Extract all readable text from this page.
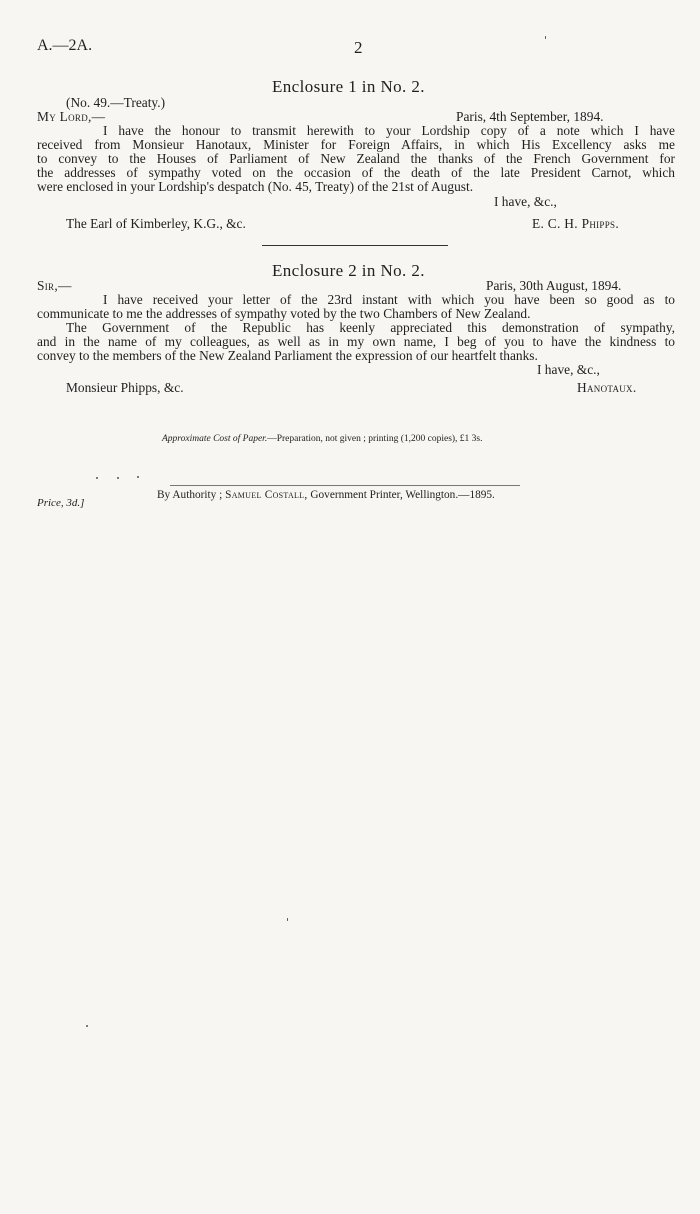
A.—2A.	2
Enclosure 1 in No. 2.
(No. 49.—Treaty.)
My Lord,—	Paris, 4th September, 1894.
I have the honour to transmit herewith to your Lordship copy of a note which I have
received from Monsieur Hanotaux, Minister for Foreign Affairs, in which His Excellency asks me
to convey to the Houses of Parliament of New Zealand the thanks of the French Government for
the addresses of sympathy voted on the occasion of the death of the late President Carnot, which
were enclosed in your Lordship's despatch (No. 45, Treaty) of the 21st of August.
I have, &c.,
The Earl of Kimberley, K.G., &c.	E. C. H. Phipps.
Enclosure 2 in No. 2.
Sir,—	Paris, 30th August, 1894.
I have received your letter of the 23rd instant with which you have been so good as to
communicate to me the addresses of sympathy voted by the two Chambers of New Zealand.
The Government of the Republic has keenly appreciated this demonstration of sympathy,
and in the name of my colleagues, as well as in my own name, I beg of you to have the kindness to
convey to the members of the New Zealand Parliament the expression of our heartfelt thanks.
I have, &c.,
Monsieur Phipps, &c.	Hanotaux.
Approximate Cost of Paper.—Preparation, not given ; printing (1,200 copies), £1 3s.
By Authority ; Samuel Costall, Government Printer, Wellington.—1895.
Price, 3d.]
